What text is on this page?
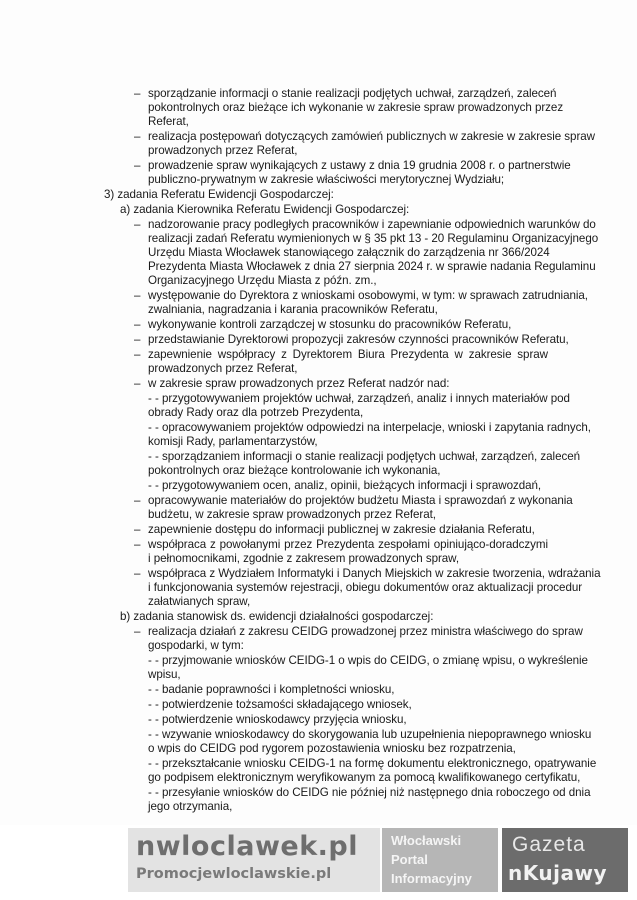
– sporządzanie informacji o stanie realizacji podjętych uchwał, zarządzeń, zaleceń
pokontrolnych oraz bieżące ich wykonanie w zakresie spraw prowadzonych przez
Referat,
– realizacja postępowań dotyczących zamówień publicznych w zakresie w zakresie spraw
prowadzonych przez Referat,
– prowadzenie spraw wynikających z ustawy z dnia 19 grudnia 2008 r. o partnerstwie
publiczno-prywatnym w zakresie właściwości merytorycznej Wydziału;
3) zadania Referatu Ewidencji Gospodarczej:
a) zadania Kierownika Referatu Ewidencji Gospodarczej:
– nadzorowanie pracy podległych pracowników i zapewnianie odpowiednich warunków do
realizacji zadań Referatu wymienionych w § 35 pkt 13 - 20 Regulaminu Organizacyjnego
Urzędu Miasta Włocławek stanowiącego załącznik do zarządzenia nr 366/2024
Prezydenta Miasta Włocławek z dnia 27 sierpnia 2024 r. w sprawie nadania Regulaminu
Organizacyjnego Urzędu Miasta z późn. zm.,
– występowanie do Dyrektora z wnioskami osobowymi, w tym: w sprawach zatrudniania,
zwalniania, nagradzania i karania pracowników Referatu,
– wykonywanie kontroli zarządczej w stosunku do pracowników Referatu,
– przedstawianie Dyrektorowi propozycji zakresów czynności pracowników Referatu,
– zapewnienie współpracy z Dyrektorem Biura Prezydenta w zakresie spraw
prowadzonych przez Referat,
– w zakresie spraw prowadzonych przez Referat nadzór nad:
- - przygotowywaniem projektów uchwał, zarządzeń, analiz i innych materiałów pod
obrady Rady oraz dla potrzeb Prezydenta,
- - opracowywaniem projektów odpowiedzi na interpelacje, wnioski i zapytania radnych,
komisji Rady, parlamentarzystów,
- - sporządzaniem informacji o stanie realizacji podjętych uchwał, zarządzeń, zaleceń
pokontrolnych oraz bieżące kontrolowanie ich wykonania,
- - przygotowywaniem ocen, analiz, opinii, bieżących informacji i sprawozdań,
– opracowywanie materiałów do projektów budżetu Miasta i sprawozdań z wykonania
budżetu, w zakresie spraw prowadzonych przez Referat,
– zapewnienie dostępu do informacji publicznej w zakresie działania Referatu,
– współpraca z powołanymi przez Prezydenta zespołami opiniująco-doradczymi
i pełnomocnikami, zgodnie z zakresem prowadzonych spraw,
– współpraca z Wydziałem Informatyki i Danych Miejskich w zakresie tworzenia, wdrażania
i funkcjonowania systemów rejestracji, obiegu dokumentów oraz aktualizacji procedur
załatwianych spraw,
b) zadania stanowisk ds. ewidencji działalności gospodarczej:
– realizacja działań z zakresu CEIDG prowadzonej przez ministra właściwego do spraw
gospodarki, w tym:
- - przyjmowanie wniosków CEIDG-1 o wpis do CEIDG, o zmianę wpisu, o wykreślenie
wpisu,
- - badanie poprawności i kompletności wniosku,
- - potwierdzenie tożsamości składającego wniosek,
- - potwierdzenie wnioskodawcy przyjęcia wniosku,
- - wzywanie wnioskodawcy do skorygowania lub uzupełnienia niepoprawnego wniosku
o wpis do CEIDG pod rygorem pozostawienia wniosku bez rozpatrzenia,
- - przekształcanie wniosku CEIDG-1 na formę dokumentu elektronicznego, opatrywanie
go podpisem elektronicznym weryfikowanym za pomocą kwalifikowanego certyfikatu,
- - przesyłanie wniosków do CEIDG nie później niż następnego dnia roboczego od dnia
jego otrzymania,
nwloclawek.pl
Promocjewloclawskie.pl
Włocławski
Portal
Informacyjny
Gazeta
nKujawy
